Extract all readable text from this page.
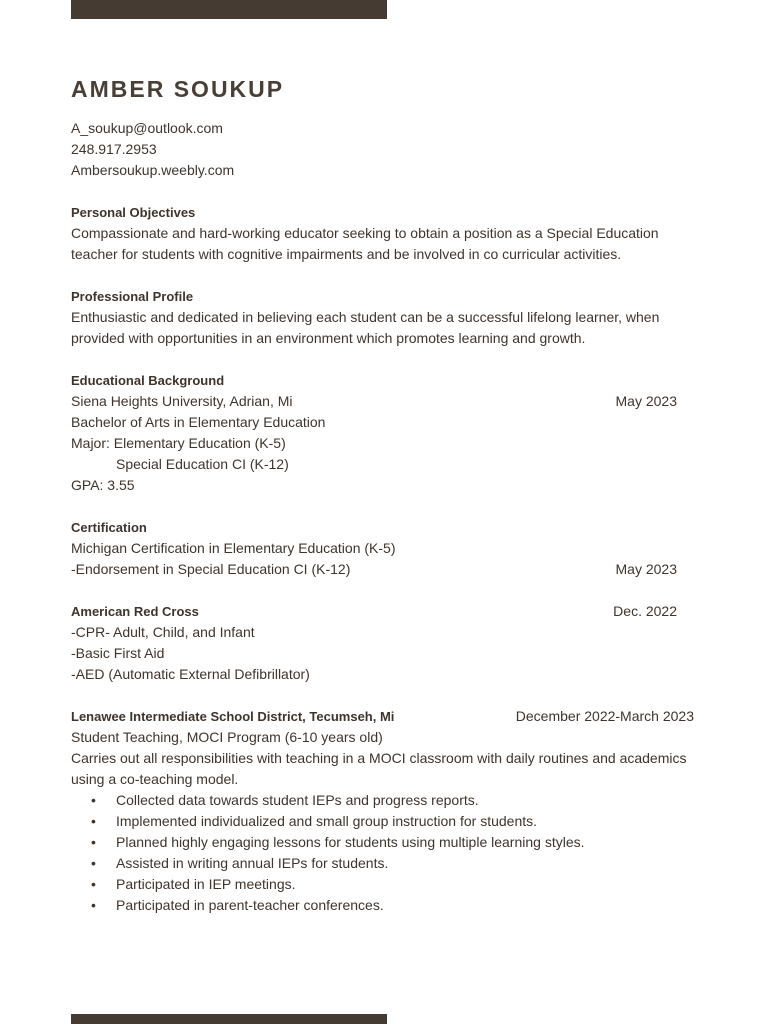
AMBER SOUKUP
A_soukup@outlook.com
248.917.2953
Ambersoukup.weebly.com
Personal Objectives
Compassionate and hard-working educator seeking to obtain a position as a Special Education teacher for students with cognitive impairments and be involved in co curricular activities.
Professional Profile
Enthusiastic and dedicated in believing each student can be a successful lifelong learner, when provided with opportunities in an environment which promotes learning and growth.
Educational Background
Siena Heights University, Adrian, Mi	May 2023
Bachelor of Arts in Elementary Education
Major: Elementary Education (K-5)
Special Education CI (K-12)
GPA: 3.55
Certification
Michigan Certification in Elementary Education (K-5)
-Endorsement in Special Education CI (K-12)	May 2023
American Red Cross	Dec. 2022
-CPR- Adult, Child, and Infant
-Basic First Aid
-AED (Automatic External Defibrillator)
Lenawee Intermediate School District, Tecumseh, Mi	December 2022-March 2023
Student Teaching, MOCI Program (6-10 years old)
Carries out all responsibilities with teaching in a MOCI classroom with daily routines and academics using a co-teaching model.
• Collected data towards student IEPs and progress reports.
• Implemented individualized and small group instruction for students.
• Planned highly engaging lessons for students using multiple learning styles.
• Assisted in writing annual IEPs for students.
• Participated in IEP meetings.
• Participated in parent-teacher conferences.
